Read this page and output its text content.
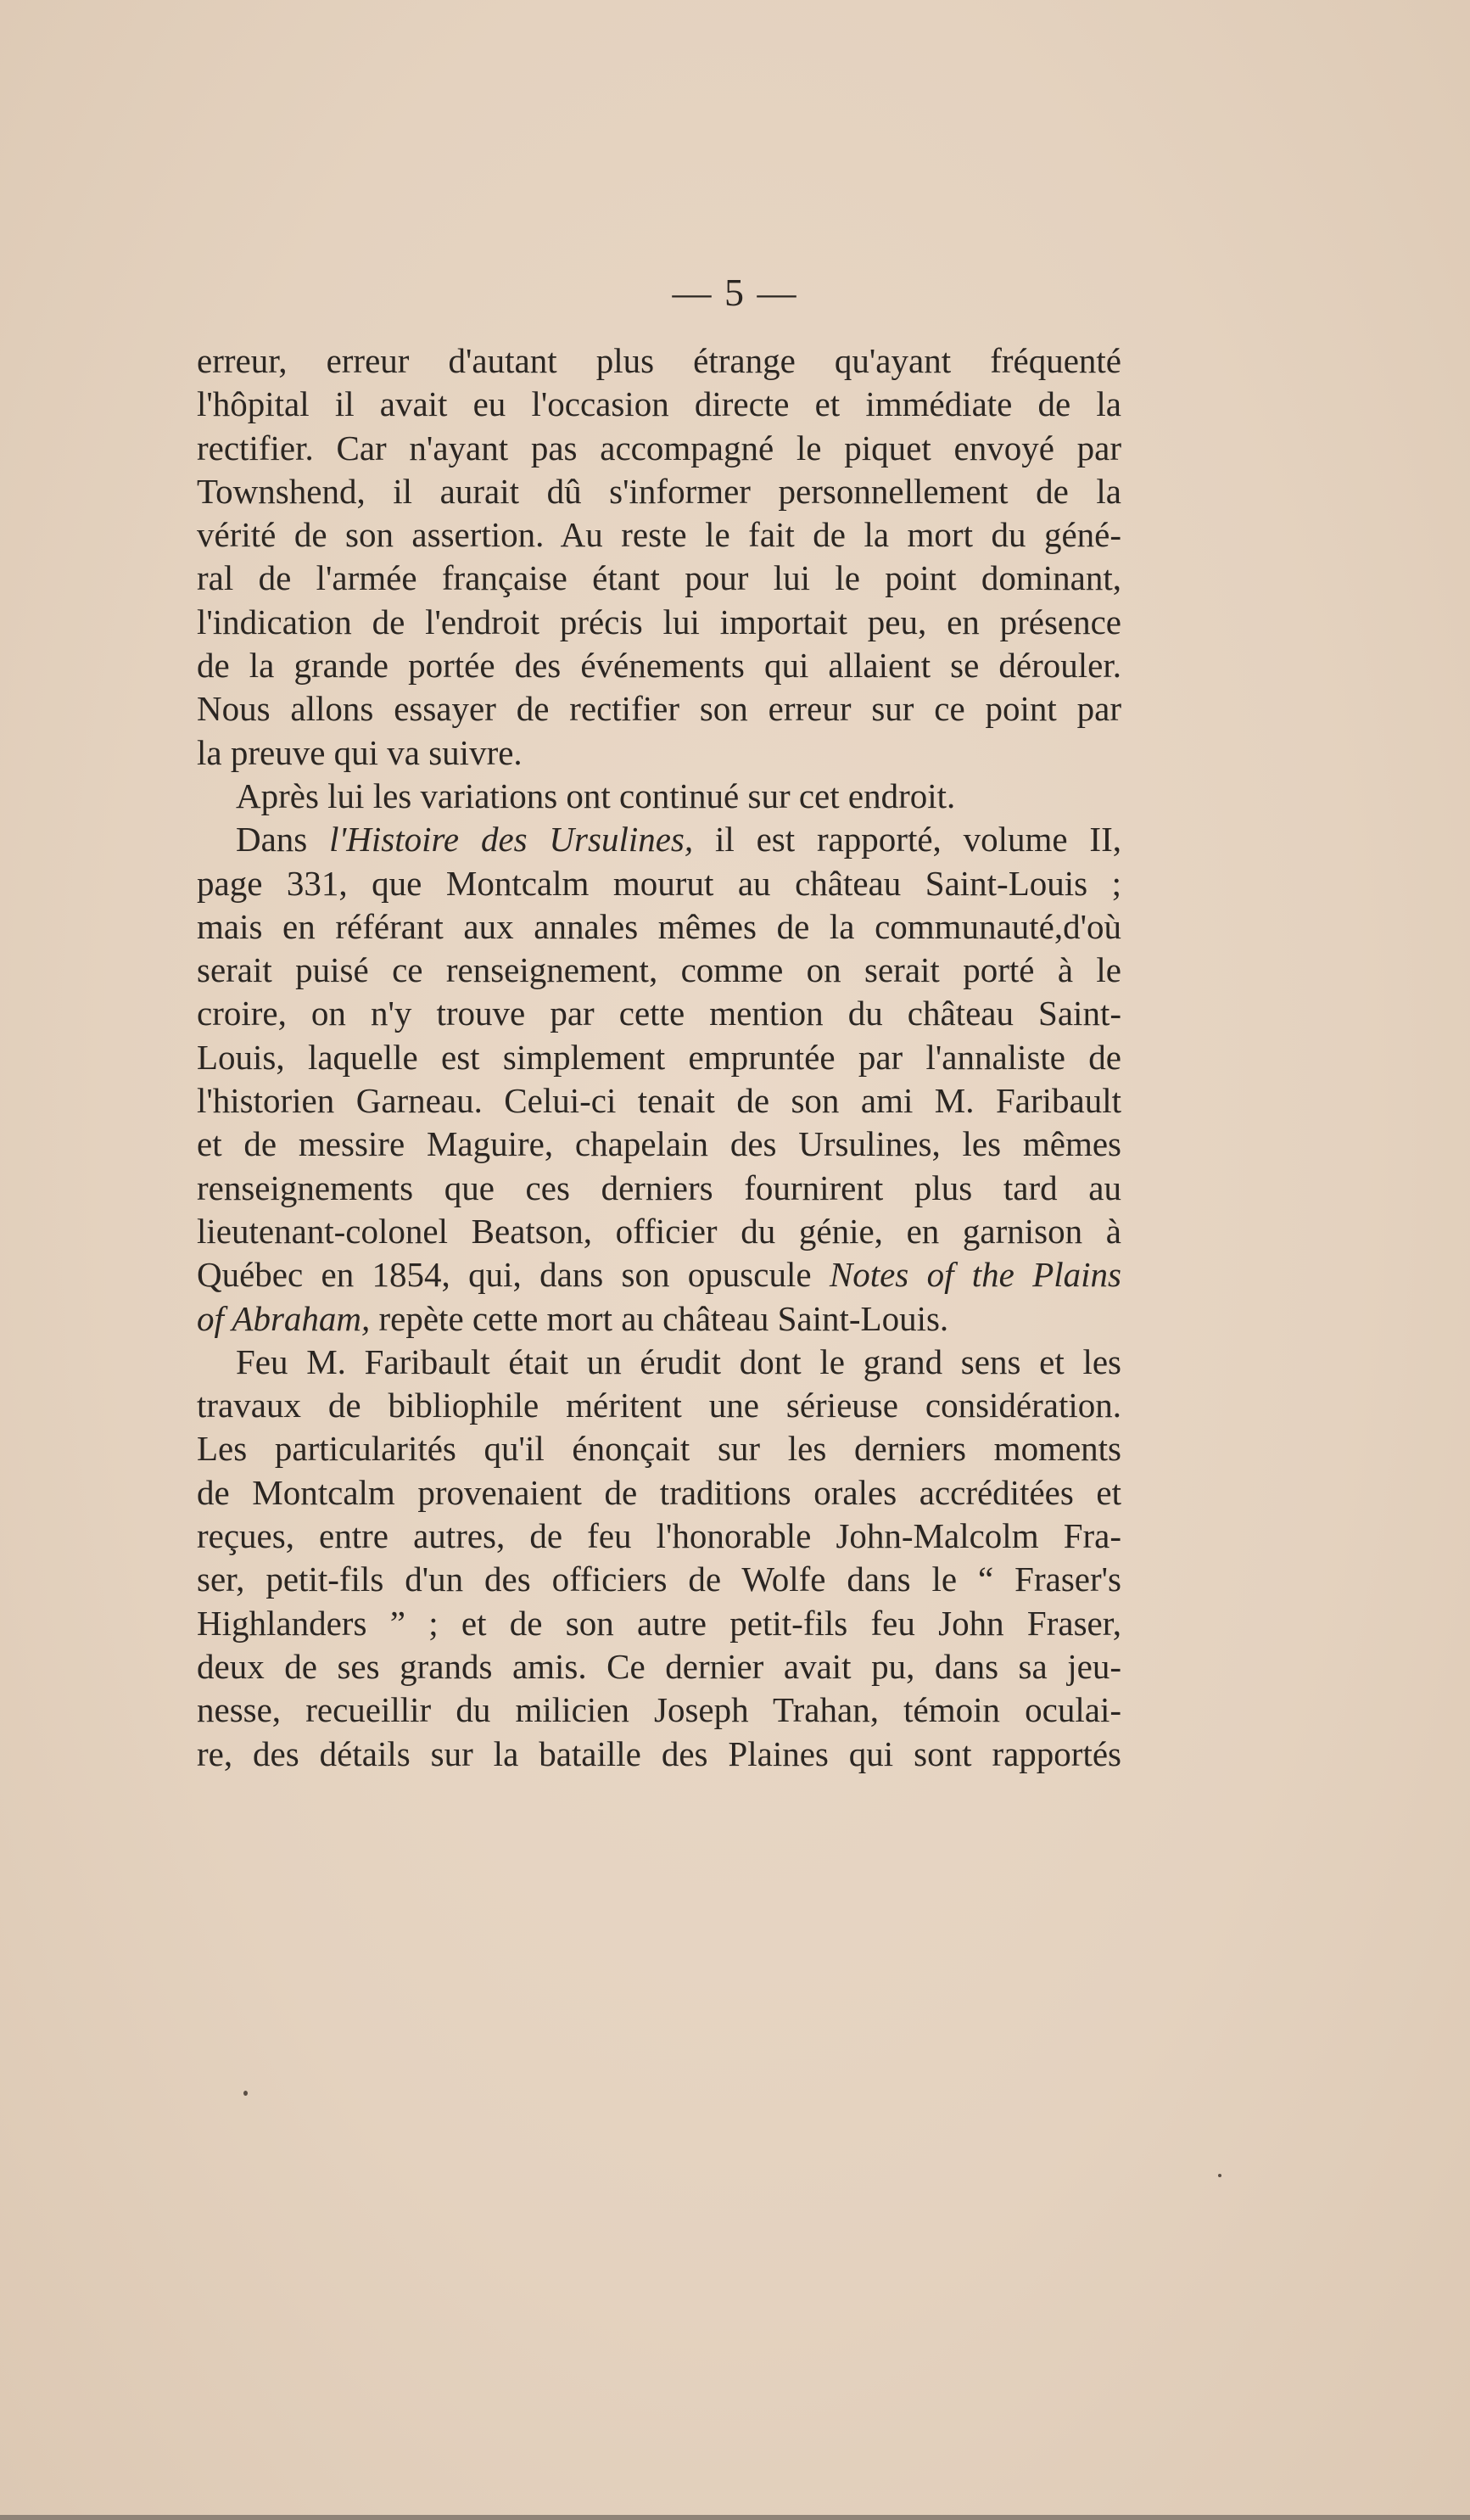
— 5 —
erreur, erreur d'autant plus étrange qu'ayant fréquenté
l'hôpital il avait eu l'occasion directe et immédiate de la
rectifier. Car n'ayant pas accompagné le piquet envoyé par
Townshend, il aurait dû s'informer personnellement de la
vérité de son assertion. Au reste le fait de la mort du géné-
ral de l'armée française étant pour lui le point dominant,
l'indication de l'endroit précis lui importait peu, en présence
de la grande portée des événements qui allaient se dérouler.
Nous allons essayer de rectifier son erreur sur ce point par
la preuve qui va suivre.
Après lui les variations ont continué sur cet endroit.
Dans l'Histoire des Ursulines, il est rapporté, volume II,
page 331, que Montcalm mourut au château Saint-Louis ;
mais en référant aux annales mêmes de la communauté,d'où
serait puisé ce renseignement, comme on serait porté à le
croire, on n'y trouve par cette mention du château Saint-
Louis, laquelle est simplement empruntée par l'annaliste de
l'historien Garneau. Celui-ci tenait de son ami M. Faribault
et de messire Maguire, chapelain des Ursulines, les mêmes
renseignements que ces derniers fournirent plus tard au
lieutenant-colonel Beatson, officier du génie, en garnison à
Québec en 1854, qui, dans son opuscule Notes of the Plains
of Abraham, repète cette mort au château Saint-Louis.
Feu M. Faribault était un érudit dont le grand sens et les
travaux de bibliophile méritent une sérieuse considération.
Les particularités qu'il énonçait sur les derniers moments
de Montcalm provenaient de traditions orales accréditées et
reçues, entre autres, de feu l'honorable John-Malcolm Fra-
ser, petit-fils d'un des officiers de Wolfe dans le “ Fraser's
Highlanders ” ; et de son autre petit-fils feu John Fraser,
deux de ses grands amis. Ce dernier avait pu, dans sa jeu-
nesse, recueillir du milicien Joseph Trahan, témoin oculai-
re, des détails sur la bataille des Plaines qui sont rapportés
